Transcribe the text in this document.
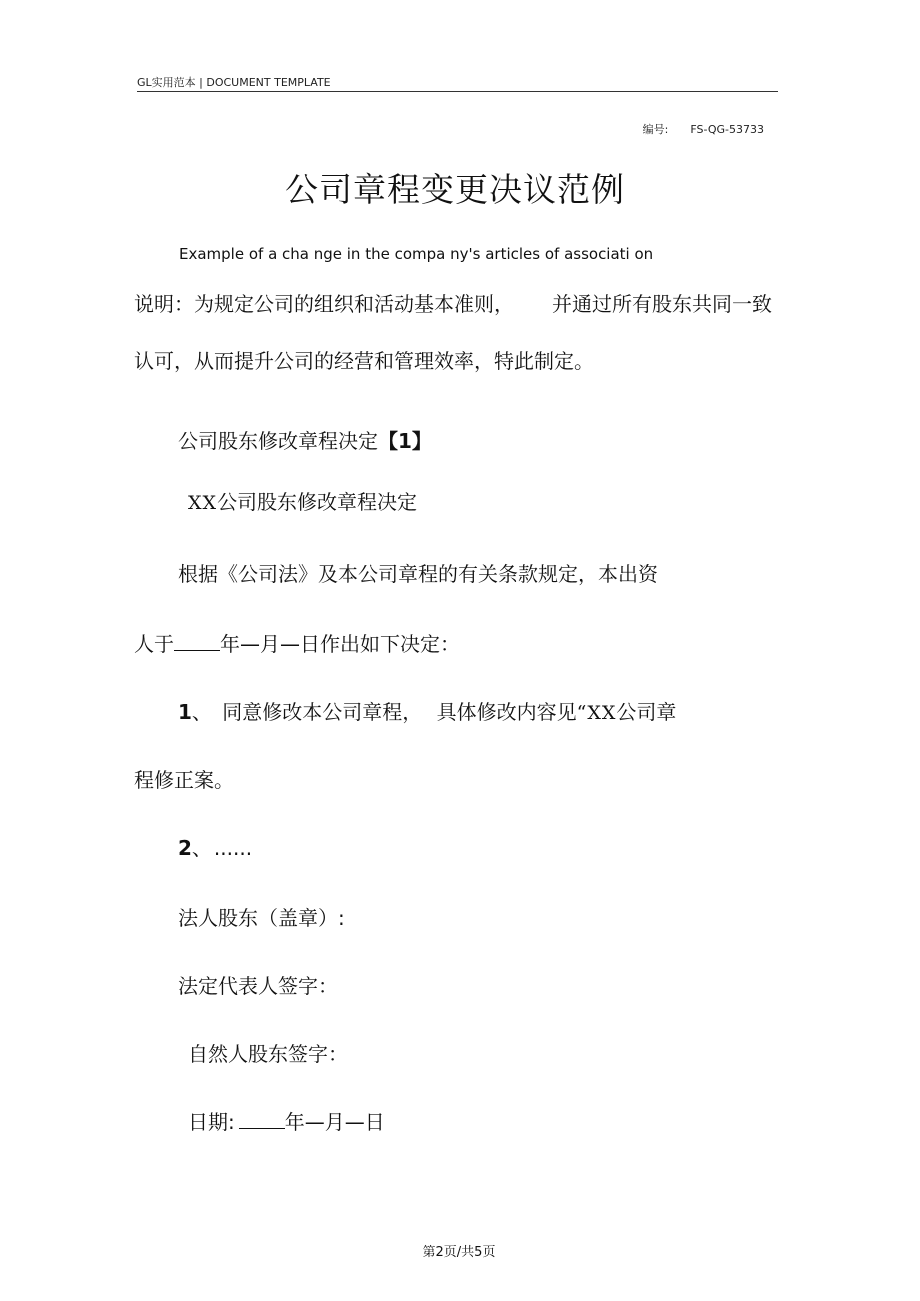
GL实用范本 | DOCUMENT TEMPLATE
编号: FS-QG-53733
公司章程变更决议范例
Example of a cha nge in the compa ny's articles of associati on
说明：为规定公司的组织和活动基本准则， 并通过所有股东共同一致
认可，从而提升公司的经营和管理效率，特此制定。
公司股东修改章程决定【1】
XX公司股东修改章程决定
根据《公司法》及本公司章程的有关条款规定，本出资
人于 年—月—日作出如下决定：
1、 同意修改本公司章程， 具体修改内容见“XX公司章
程修正案。
2、 ......
法人股东（盖章）:
法定代表人签字：
自然人股东签字：
日期:	年—月—日
第2页/共5页
